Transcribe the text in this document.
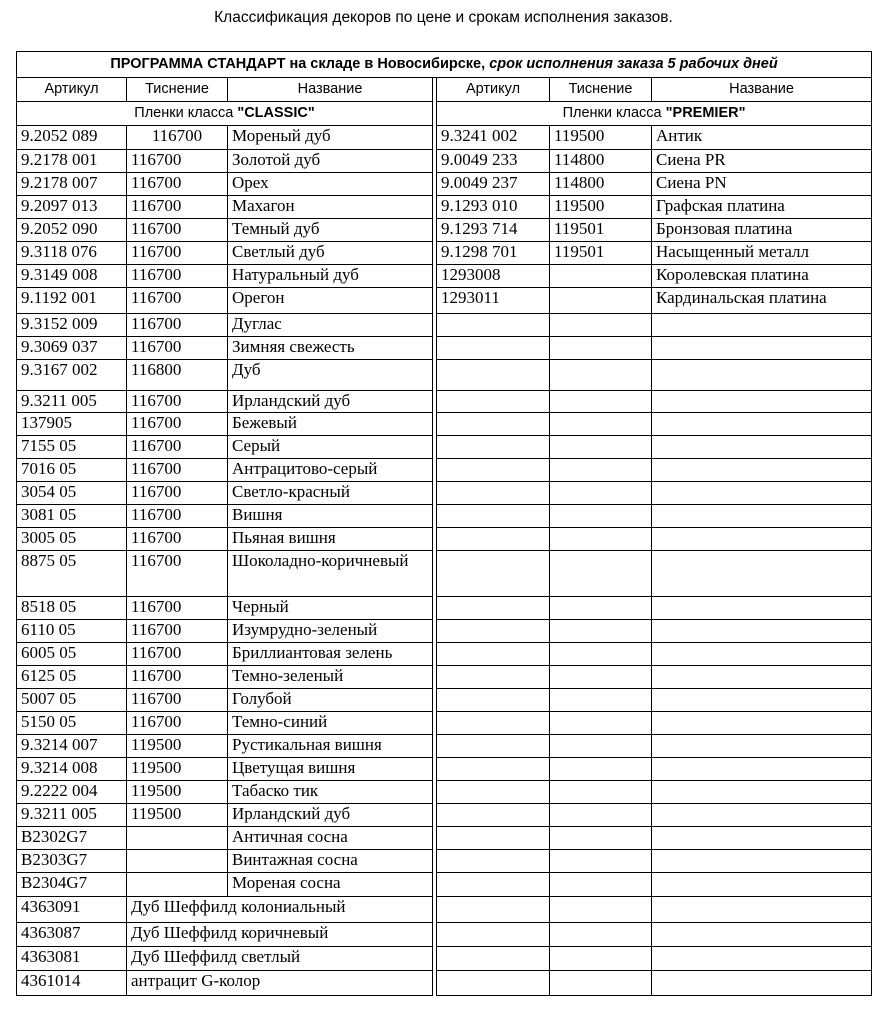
Классификация декоров по цене и срокам исполнения заказов.
ПРОГРАММА СТАНДАРТ на складе в Новосибирске, срок исполнения заказа 5 рабочих дней						
Артикул	Тиснение	Название		Артикул	Тиснение	Название
Пленки класса "CLASSIC"				Пленки класса "PREMIER"		
9.2052 089	116700	Мореный дуб		9.3241 002	119500	Антик
9.2178 001	116700	Золотой дуб		9.0049 233	114800	Сиена PR
9.2178 007	116700	Орех		9.0049 237	114800	Сиена PN
9.2097 013	116700	Махагон		9.1293 010	119500	Графская платина
9.2052 090	116700	Темный дуб		9.1293 714	119501	Бронзовая платина
9.3118 076	116700	Светлый дуб		9.1298 701	119501	Насыщенный металл
9.3149 008	116700	Натуральный дуб		1293008		Королевская платина
9.1192 001	116700	Орегон		1293011		Кардинальская платина
9.3152 009	116700	Дуглас				
9.3069 037	116700	Зимняя свежесть				
9.3167 002	116800	Дуб				
9.3211 005	116700	Ирландский дуб				
137905	116700	Бежевый				
7155 05	116700	Серый				
7016 05	116700	Антрацитово-серый				
3054 05	116700	Светло-красный				
3081 05	116700	Вишня				
3005 05	116700	Пьяная вишня				
8875 05	116700	Шоколадно-коричневый				
8518 05	116700	Черный				
6110 05	116700	Изумрудно-зеленый				
6005 05	116700	Бриллиантовая зелень				
6125 05	116700	Темно-зеленый				
5007 05	116700	Голубой				
5150 05	116700	Темно-синий				
9.3214 007	119500	Рустикальная вишня				
9.3214 008	119500	Цветущая вишня				
9.2222 004	119500	Табаско тик				
9.3211 005	119500	Ирландский дуб				
B2302G7		Античная сосна				
B2303G7		Винтажная сосна				
B2304G7		Мореная сосна				
4363091	Дуб Шеффилд колониальный					
4363087	Дуб Шеффилд коричневый					
4363081	Дуб Шеффилд светлый					
4361014	антрацит G-колор					
